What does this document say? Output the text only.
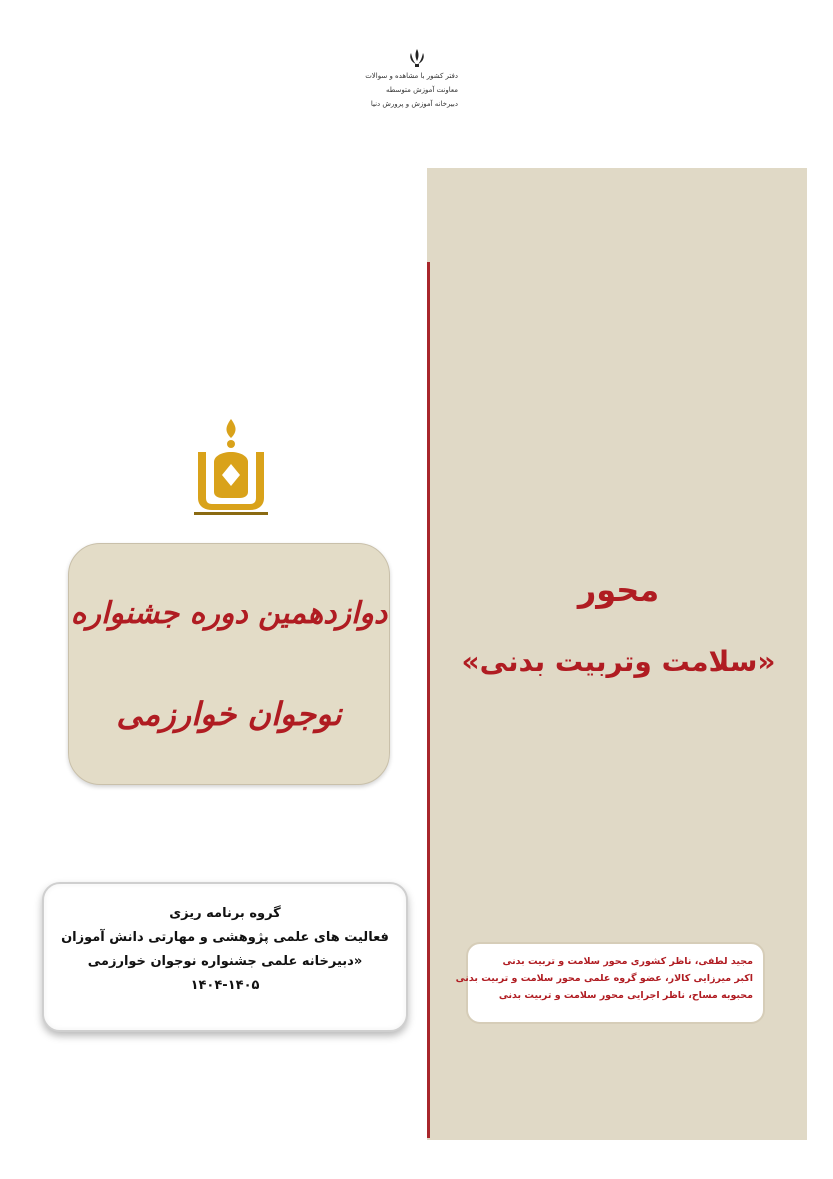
دفتر کشور با مشاهده و سوالات
معاونت آموزش متوسطه
دبیرخانه آموزش و پرورش دنیا
محور
«سلامت وتربیت بدنی»
مجید لطفی، ناظر کشوری محور سلامت و تربیت بدنی
اکبر میرزایی کالار، عضو گروه علمی محور سلامت و تربیت بدنی
محبوبه مساح، ناظر اجرایی محور سلامت و تربیت بدنی
دوازدهمین دوره جشنواره
نوجوان خوارزمی
گروه برنامه ریزی
فعالیت های علمی پژوهشی و مهارتی دانش آموزان
«دبیرخانه علمی جشنواره نوجوان خوارزمی
۱۴۰۴-۱۴۰۵
